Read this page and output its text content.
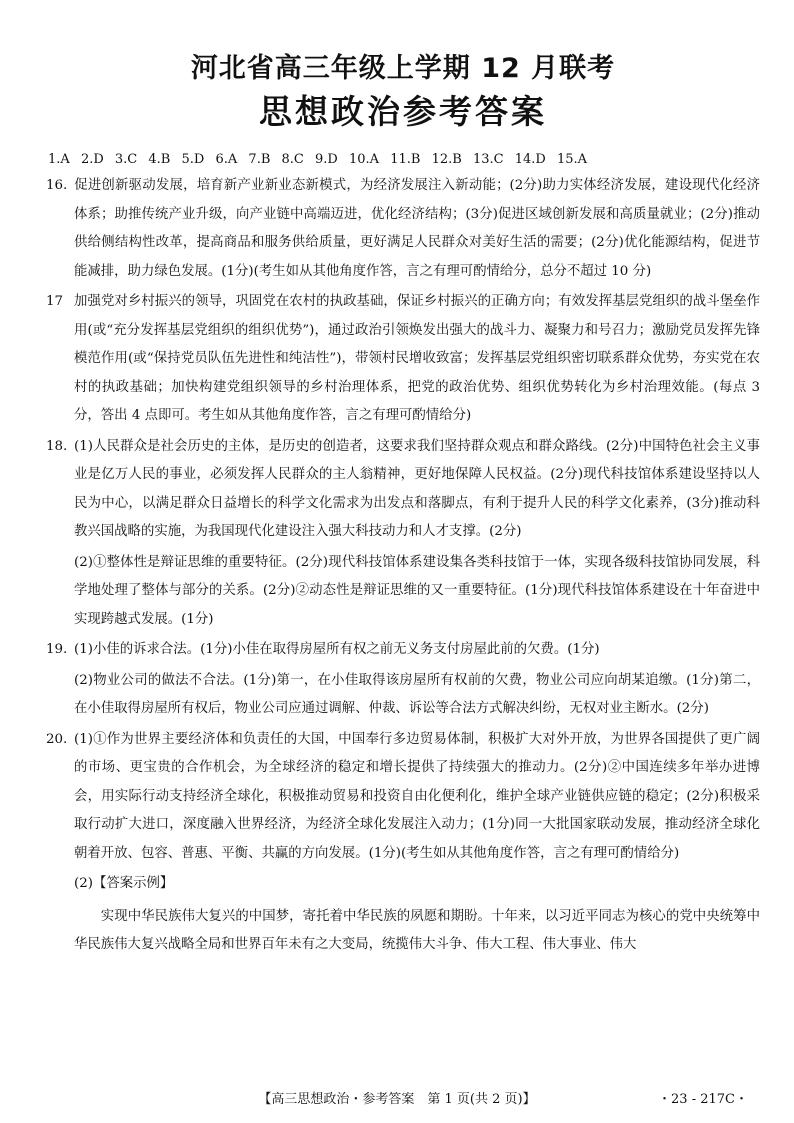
河北省高三年级上学期 12 月联考
思想政治参考答案
1.A 2.D 3.C 4.B 5.D 6.A 7.B 8.C 9.D 10.A 11.B 12.B 13.C 14.D 15.A
16. 促进创新驱动发展，培育新产业新业态新模式，为经济发展注入新动能；(2分)助力实体经济发展，建设现代化经济体系；助推传统产业升级，向产业链中高端迈进，优化经济结构；(3分)促进区域创新发展和高质量就业；(2分)推动供给侧结构性改革，提高商品和服务供给质量，更好满足人民群众对美好生活的需要；(2分)优化能源结构，促进节能减排，助力绿色发展。(1分)(考生如从其他角度作答，言之有理可酌情给分，总分不超过 10 分)
17 加强党对乡村振兴的领导，巩固党在农村的执政基础，保证乡村振兴的正确方向；有效发挥基层党组织的战斗堡垒作用(或“充分发挥基层党组织的组织优势”)，通过政治引领焕发出强大的战斗力、凝聚力和号召力；激励党员发挥先锋模范作用(或“保持党员队伍先进性和纯洁性”)，带领村民增收致富；发挥基层党组织密切联系群众优势，夯实党在农村的执政基础；加快构建党组织领导的乡村治理体系，把党的政治优势、组织优势转化为乡村治理效能。(每点 3 分，答出 4 点即可。考生如从其他角度作答，言之有理可酌情给分)
18. (1)人民群众是社会历史的主体，是历史的创造者，这要求我们坚持群众观点和群众路线。(2分)中国特色社会主义事业是亿万人民的事业，必须发挥人民群众的主人翁精神，更好地保障人民权益。(2分)现代科技馆体系建设坚持以人民为中心，以满足群众日益增长的科学文化需求为出发点和落脚点，有利于提升人民的科学文化素养，(3分)推动科教兴国战略的实施，为我国现代化建设注入强大科技动力和人才支撑。(2分)
(2)①整体性是辩证思维的重要特征。(2分)现代科技馆体系建设集各类科技馆于一体，实现各级科技馆协同发展，科学地处理了整体与部分的关系。(2分)②动态性是辩证思维的又一重要特征。(1分)现代科技馆体系建设在十年奋进中实现跨越式发展。(1分)
19. (1)小佳的诉求合法。(1分)小佳在取得房屋所有权之前无义务支付房屋此前的欠费。(1分)
(2)物业公司的做法不合法。(1分)第一，在小佳取得该房屋所有权前的欠费，物业公司应向胡某追缴。(1分)第二，在小佳取得房屋所有权后，物业公司应通过调解、仲裁、诉讼等合法方式解决纠纷，无权对业主断水。(2分)
20. (1)①作为世界主要经济体和负责任的大国，中国奉行多边贸易体制，积极扩大对外开放，为世界各国提供了更广阔的市场、更宝贵的合作机会，为全球经济的稳定和增长提供了持续强大的推动力。(2分)②中国连续多年举办进博会，用实际行动支持经济全球化，积极推动贸易和投资自由化便利化，维护全球产业链供应链的稳定；(2分)积极采取行动扩大进口，深度融入世界经济，为经济全球化发展注入动力；(1分)同一大批国家联动发展，推动经济全球化朝着开放、包容、普惠、平衡、共赢的方向发展。(1分)(考生如从其他角度作答，言之有理可酌情给分)
(2)【答案示例】
实现中华民族伟大复兴的中国梦，寄托着中华民族的夙愿和期盼。十年来，以习近平同志为核心的党中央统筹中华民族伟大复兴战略全局和世界百年未有之大变局，统揽伟大斗争、伟大工程、伟大事业、伟大
【高三思想政治・参考答案　第 1 页(共 2 页)】	・23 - 217C・
